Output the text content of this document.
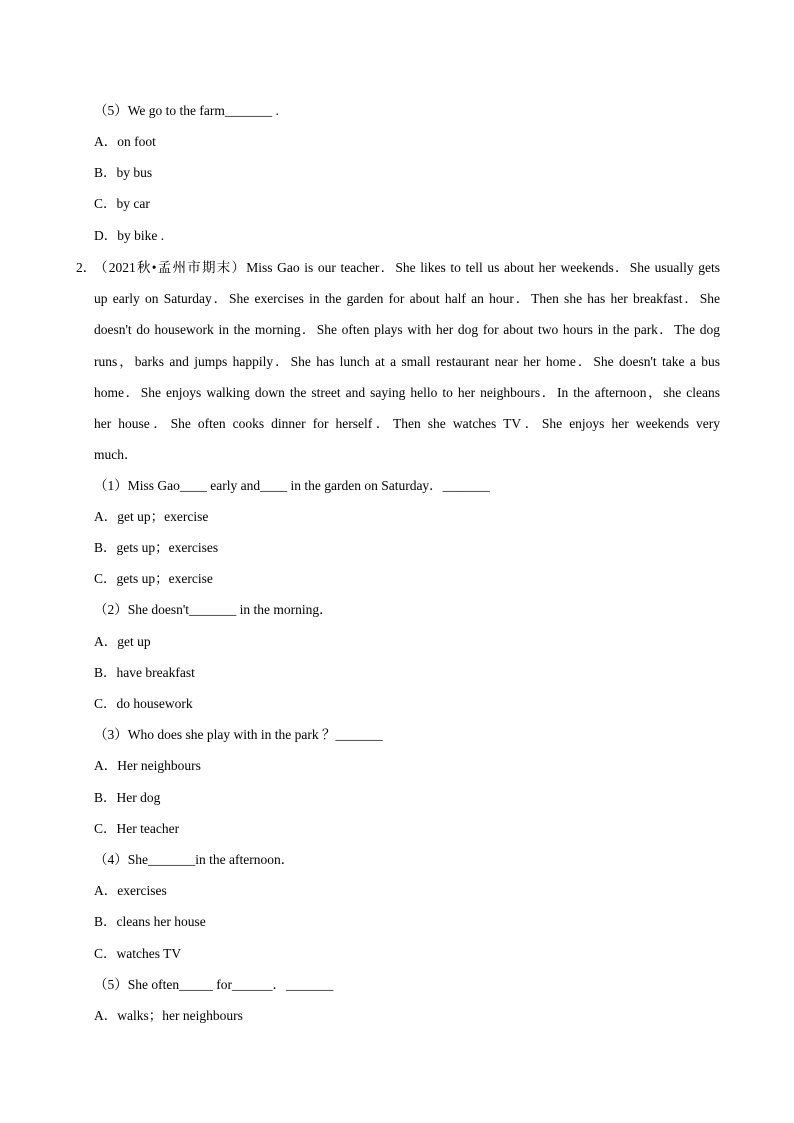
（5）We go to the farm_______ .
A．on foot
B．by bus
C．by car
D．by bike .
2．
（2021秋•孟州市期末）Miss Gao is our teacher．She likes to tell us about her weekends．She usually gets
up early on Saturday．She exercises in the garden for about half an hour．Then she has her breakfast．She
doesn't do housework in the morning．She often plays with her dog for about two hours in the park．The dog
runs，barks and jumps happily．She has lunch at a small restaurant near her home．She doesn't take a bus
home．She enjoys walking down the street and saying hello to her neighbours．In the afternoon，she cleans
her house．She often cooks dinner for herself．Then she watches TV．She enjoys her weekends very
much．
（1）Miss Gao____ early and____ in the garden on Saturday．_______
A．get up；exercise
B．gets up；exercises
C．gets up；exercise
（2）She doesn't_______ in the morning．
A．get up
B．have breakfast
C．do housework
（3）Who does she play with in the park ？_______
A．Her neighbours
B．Her dog
C．Her teacher
（4）She_______in the afternoon．
A．exercises
B．cleans her house
C．watches TV
（5）She often_____ for______．_______
A．walks；her neighbours
